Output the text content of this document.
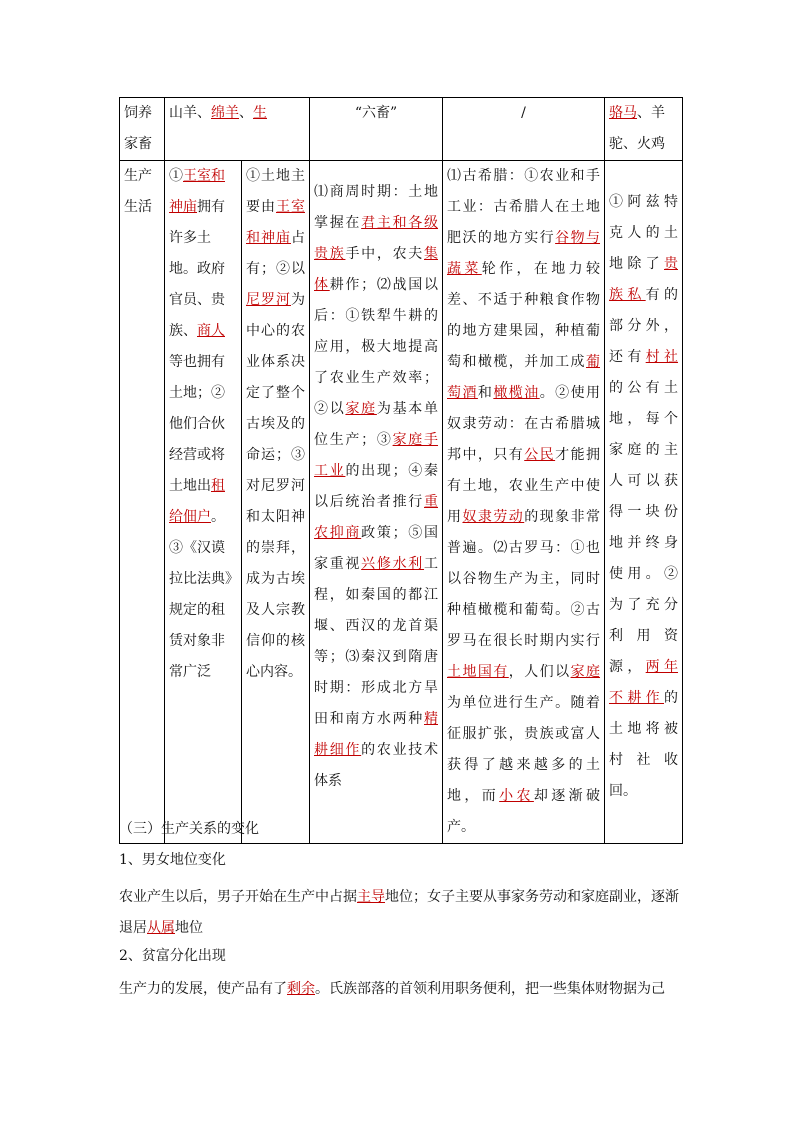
饲养家畜	山羊、绵羊、生		“六畜”	/	骆马、羊驼、火鸡
生产生活	①王室和神庙拥有许多土地。政府官员、贵族、商人等也拥有土地；②他们合伙经营或将土地出租给佃户。③《汉谟拉比法典》规定的租赁对象非常广泛	①土地主要由王室和神庙占有；②以尼罗河为中心的农业体系决定了整个古埃及的命运；③对尼罗河和太阳神的崇拜，成为古埃及人宗教信仰的核心内容。	⑴商周时期：土地掌握在君主和各级贵族手中，农夫集体耕作；⑵战国以后：①铁犁牛耕的应用，极大地提高了农业生产效率；②以家庭为基本单位生产；③家庭手工业的出现；④秦以后统治者推行重农抑商政策；⑤国家重视兴修水利工程，如秦国的都江堰、西汉的龙首渠等；⑶秦汉到隋唐时期：形成北方旱田和南方水两种精耕细作的农业技术体系	⑴古希腊：①农业和手工业：古希腊人在土地肥沃的地方实行谷物与蔬菜轮作，在地力较差、不适于种粮食作物的地方建果园，种植葡萄和橄榄，并加工成葡萄酒和橄榄油。②使用奴隶劳动：在古希腊城邦中，只有公民才能拥有土地，农业生产中使用奴隶劳动的现象非常普遍。⑵古罗马：①也以谷物生产为主，同时种植橄榄和葡萄。②古罗马在很长时期内实行土地国有，人们以家庭为单位进行生产。随着征服扩张，贵族或富人获得了越来越多的土地，而小农却逐渐破产。	①阿兹特克人的土地除了贵族私有的部分外，还有村社的公有土地，每个家庭的主人可以获得一块份地并终身使用。②为了充分利用资源，两年不耕作的土地将被村社收回。
（三）生产关系的变化
1、男女地位变化
农业产生以后，男子开始在生产中占据主导地位；女子主要从事家务劳动和家庭副业，逐渐退居从属地位
2、贫富分化出现
生产力的发展，使产品有了剩余。氏族部落的首领利用职务便利，把一些集体财物据为己
